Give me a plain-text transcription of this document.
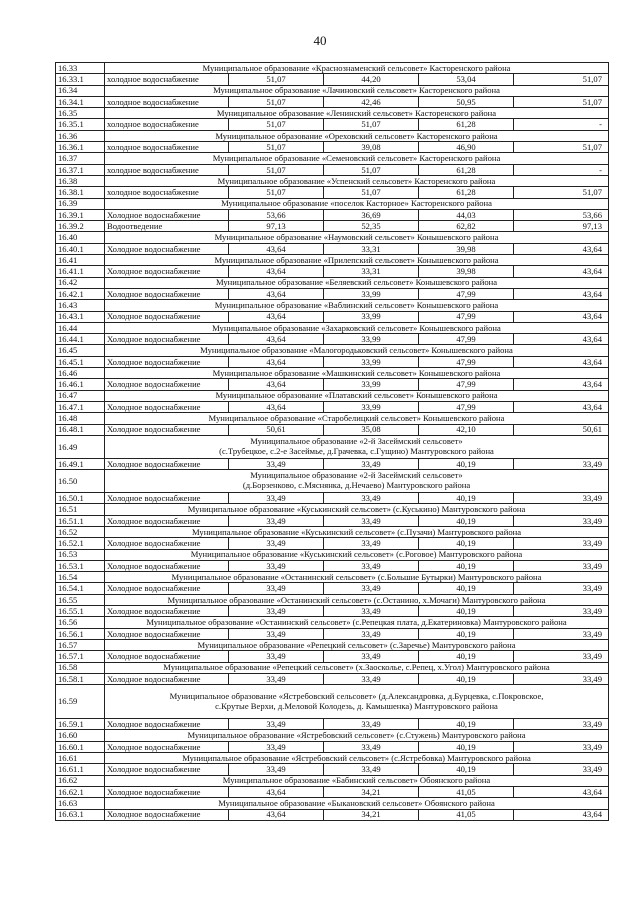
40
16.33	Муниципальное образование «Краснознаменский сельсовет» Касторенского района				

16.33.1	холодное водоснабжение	51,07	44,20	53,04	51,07
16.34	Муниципальное образование «Лачиновский сельсовет» Касторенского района				

16.34.1	холодное водоснабжение	51,07	42,46	50,95	51,07
16.35	Муниципальное образование «Ленинский сельсовет» Касторенского района				

16.35.1	холодное водоснабжение	51,07	51,07	61,28	-
16.36	Муниципальное образование «Ореховский сельсовет» Касторенского района				

16.36.1	холодное водоснабжение	51,07	39,08	46,90	51,07
16.37	Муниципальное образование «Семеновский сельсовет» Касторенского района				

16.37.1	холодное водоснабжение	51,07	51,07	61,28	-
16.38	Муниципальное образование «Успенский сельсовет» Касторенского района				

16.38.1	холодное водоснабжение	51,07	51,07	61,28	51,07
16.39	Муниципальное образование «поселок Касторное» Касторенского района				

16.39.1	Холодное водоснабжение	53,66	36,69	44,03	53,66
16.39.2	Водоотведение	97,13	52,35	62,82	97,13
16.40	Муниципальное образование «Наумовский сельсовет» Конышевского района				

16.40.1	Холодное водоснабжение	43,64	33,31	39,98	43,64
16.41	Муниципальное образование «Прилепский сельсовет» Конышевского района				

16.41.1	Холодное водоснабжение	43,64	33,31	39,98	43,64
16.42	Муниципальное образование «Беляевский сельсовет» Конышевского района				

16.42.1	Холодное водоснабжение	43,64	33,99	47,99	43,64
16.43	Муниципальное образование «Ваблинский сельсовет» Конышевского района				

16.43.1	Холодное водоснабжение	43,64	33,99	47,99	43,64
16.44	Муниципальное образование «Захарковский сельсовет» Конышевского района				

16.44.1	Холодное водоснабжение	43,64	33,99	47,99	43,64
16.45	Муниципальное образование «Малогородьковский сельсовет» Конышевского района				

16.45.1	Холодное водоснабжение	43,64	33,99	47,99	43,64
16.46	Муниципальное образование «Машкинский сельсовет» Конышевского района				

16.46.1	Холодное водоснабжение	43,64	33,99	47,99	43,64
16.47	Муниципальное образование «Платавский сельсовет» Конышевского района				

16.47.1	Холодное водоснабжение	43,64	33,99	47,99	43,64
16.48	Муниципальное образование «Старобелицкий сельсовет» Конышевского района				

16.48.1	Холодное водоснабжение	50,61	35,08	42,10	50,61
16.49	Муниципальное образование «2-й Засеймский сельсовет»
(с.Трубецкое, с.2-е Засеймье, д.Грачевка, с.Гущино) Мантуровского района				

16.49.1	Холодное водоснабжение	33,49	33,49	40,19	33,49
16.50	Муниципальное образование «2-й Засеймский сельсовет»
(д.Борзенково, с.Мяснянка, д.Нечаево) Мантуровского района				

16.50.1	Холодное водоснабжение	33,49	33,49	40,19	33,49
16.51	Муниципальное образование «Куськинский сельсовет» (с.Куськино) Мантуровского района				

16.51.1	Холодное водоснабжение	33,49	33,49	40,19	33,49
16.52	Муниципальное образование «Куськинский сельсовет» (с.Пузачи) Мантуровского района				

16.52.1	Холодное водоснабжение	33,49	33,49	40,19	33,49
16.53	Муниципальное образование «Куськинский сельсовет» (с.Роговое) Мантуровского района				

16.53.1	Холодное водоснабжение	33,49	33,49	40,19	33,49
16.54	Муниципальное образование «Останинский сельсовет» (с.Большие Бутырки) Мантуровского района				

16.54.1	Холодное водоснабжение	33,49	33,49	40,19	33,49
16.55	Муниципальное образование «Останинский сельсовет» (с.Останино, х.Мочаги) Мантуровского района				

16.55.1	Холодное водоснабжение	33,49	33,49	40,19	33,49
16.56	Муниципальное образование «Останинский сельсовет» (с.Репецкая плата, д.Екатериновка) Мантуровского района				

16.56.1	Холодное водоснабжение	33,49	33,49	40,19	33,49
16.57	Муниципальное образование «Репецкий сельсовет» (с.Заречье) Мантуровского района				

16.57.1	Холодное водоснабжение	33,49	33,49	40,19	33,49
16.58	Муниципальное образование «Репецкий сельсовет» (х.Заосколье, с.Репец, х.Угол) Мантуровского района				

16.58.1	Холодное водоснабжение	33,49	33,49	40,19	33,49
16.59	Муниципальное образование «Ястребовский сельсовет» (д.Александровка, д.Бурцевка, с.Покровское,
с.Крутые Верхи, д.Меловой Колодезь, д. Камышенка) Мантуровского района				

16.59.1	Холодное водоснабжение	33,49	33,49	40,19	33,49
16.60	Муниципальное образование «Ястребовский сельсовет» (с.Стужень) Мантуровского района				

16.60.1	Холодное водоснабжение	33,49	33,49	40,19	33,49
16.61	Муниципальное образование «Ястребовский сельсовет» (с.Ястребовка) Мантуровского района				

16.61.1	Холодное водоснабжение	33,49	33,49	40,19	33,49
16.62	Муниципальное образование «Бабинский сельсовет» Обоянского района				

16.62.1	Холодное водоснабжение	43,64	34,21	41,05	43,64
16.63	Муниципальное образование «Быкановский сельсовет» Обоянского района				

16.63.1	Холодное водоснабжение	43,64	34,21	41,05	43,64
